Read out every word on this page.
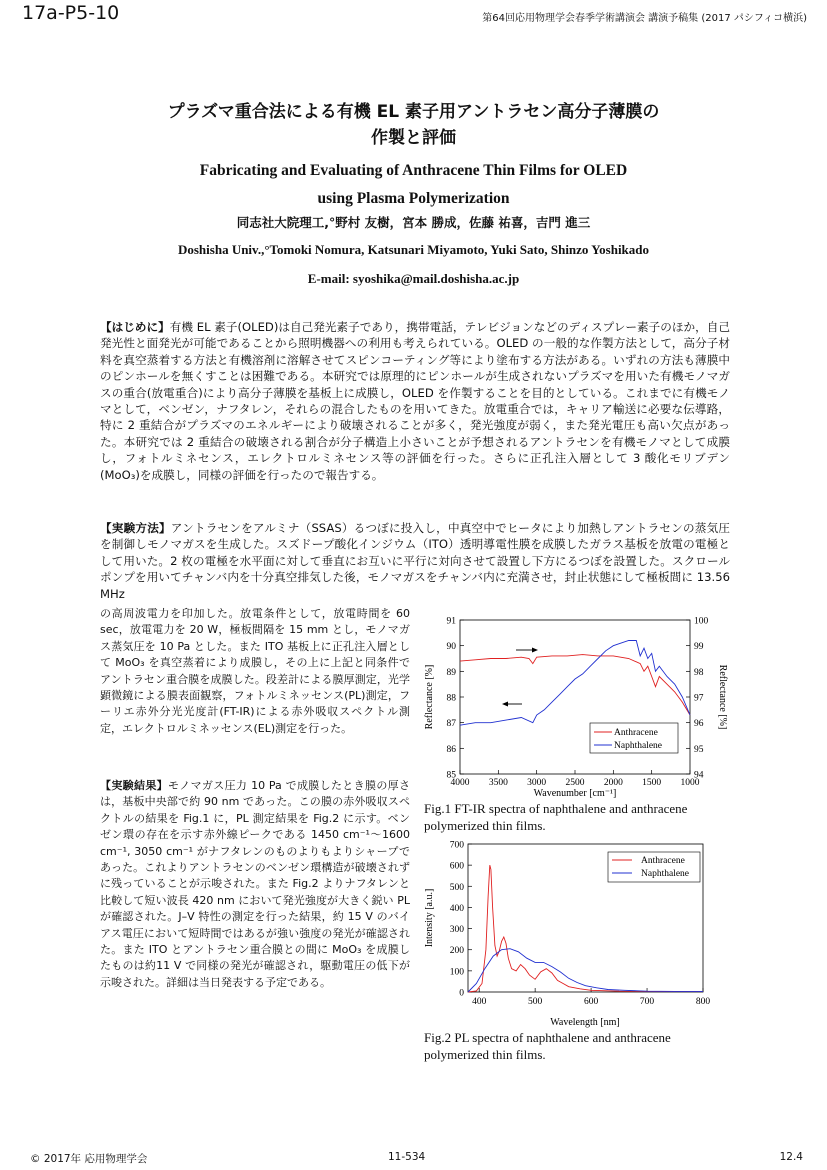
17a-P5-10	第64回応用物理学会春季学術講演会 講演予稿集 (2017 パシフィコ横浜)
プラズマ重合法による有機 EL 素子用アントラセン高分子薄膜の
作製と評価
Fabricating and Evaluating of Anthracene Thin Films for OLED
using Plasma Polymerization
同志社大院理工,°野村 友樹，宮本 勝成，佐藤 祐喜，吉門 進三
Doshisha Univ.,°Tomoki Nomura, Katsunari Miyamoto, Yuki Sato, Shinzo Yoshikado
E-mail: syoshika@mail.doshisha.ac.jp
【はじめに】有機 EL 素子(OLED)は自己発光素子であり，携帯電話，テレビジョンなどのディスプレー素子のほか，自己発光性と面発光が可能であることから照明機器への利用も考えられている。OLED の一般的な作製方法として，高分子材料を真空蒸着する方法と有機溶剤に溶解させてスピンコーティング等により塗布する方法がある。いずれの方法も薄膜中のピンホールを無くすことは困難である。本研究では原理的にピンホールが生成されないプラズマを用いた有機モノマガスの重合(放電重合)により高分子薄膜を基板上に成膜し，OLED を作製することを目的としている。これまでに有機モノマとして，ベンゼン，ナフタレン，それらの混合したものを用いてきた。放電重合では，キャリア輸送に必要な伝導路，特に 2 重結合がプラズマのエネルギーにより破壊されることが多く，発光強度が弱く，また発光電圧も高い欠点があった。本研究では 2 重結合の破壊される割合が分子構造上小さいことが予想されるアントラセンを有機モノマとして成膜し，フォトルミネセンス，エレクトロルミネセンス等の評価を行った。さらに正孔注入層として 3 酸化モリブデン(MoO₃)を成膜し，同様の評価を行ったので報告する。
【実験方法】アントラセンをアルミナ（SSAS）るつぼに投入し，中真空中でヒータにより加熱しアントラセンの蒸気圧を制御しモノマガスを生成した。スズドープ酸化インジウム（ITO）透明導電性膜を成膜したガラス基板を放電の電極として用いた。2 枚の電極を水平面に対して垂直にお互いに平行に対向させて設置し下方にるつぼを設置した。スクロールポンプを用いてチャンバ内を十分真空排気した後，モノマガスをチャンバ内に充満させ，封止状態にして極板間に 13.56 MHz
の高周波電力を印加した。放電条件として，放電時間を 60 sec，放電電力を 20 W，極板間隔を 15 mm とし，モノマガス蒸気圧を 10 Pa とした。また ITO 基板上に正孔注入層として MoO₃ を真空蒸着により成膜し，その上に上記と同条件でアントラセン重合膜を成膜した。段差計による膜厚測定，光学顕微鏡による膜表面観察，フォトルミネッセンス(PL)測定，フーリエ赤外分光光度計(FT-IR)による赤外吸収スペクトル測定，エレクトロルミネッセンス(EL)測定を行った。
【実験結果】モノマガス圧力 10 Pa で成膜したとき膜の厚さは，基板中央部で約 90 nm であった。この膜の赤外吸収スペクトルの結果を Fig.1 に，PL 測定結果を Fig.2 に示す。ベンゼン環の存在を示す赤外線ピークである 1450 cm⁻¹～1600 cm⁻¹, 3050 cm⁻¹ がナフタレンのものよりもよりシャープであった。これよりアントラセンのベンゼン環構造が破壊されずに残っていることが示唆された。また Fig.2 よりナフタレンと比較して短い波長 420 nm において発光強度が大きく鋭い PL が確認された。J–V 特性の測定を行った結果，約 15 V のバイアス電圧において短時間ではあるが強い強度の発光が確認された。また ITO とアントラセン重合膜との間に MoO₃ を成膜したものは約11 V で同様の発光が確認され，駆動電圧の低下が示唆された。詳細は当日発表する予定である。
4000 3500 3000 2500 2000 1500 1000
85
86
87
88
89
90
91
94
95
96
97
98
99
100
Wavenumber [cm⁻¹]
Reflectance [%]	Reflectance [%]
Anthracene
Naphthalene
Fig.1 FT-IR spectra of naphthalene and anthracene polymerized thin films.
400	500	600	700	800
0
100
200
300
400
500
600
700
Wavelength [nm]
Intensity [a.u.]
Anthracene
Naphthalene
Fig.2 PL spectra of naphthalene and anthracene polymerized thin films.
© 2017年 応用物理学会	11-534	12.4
